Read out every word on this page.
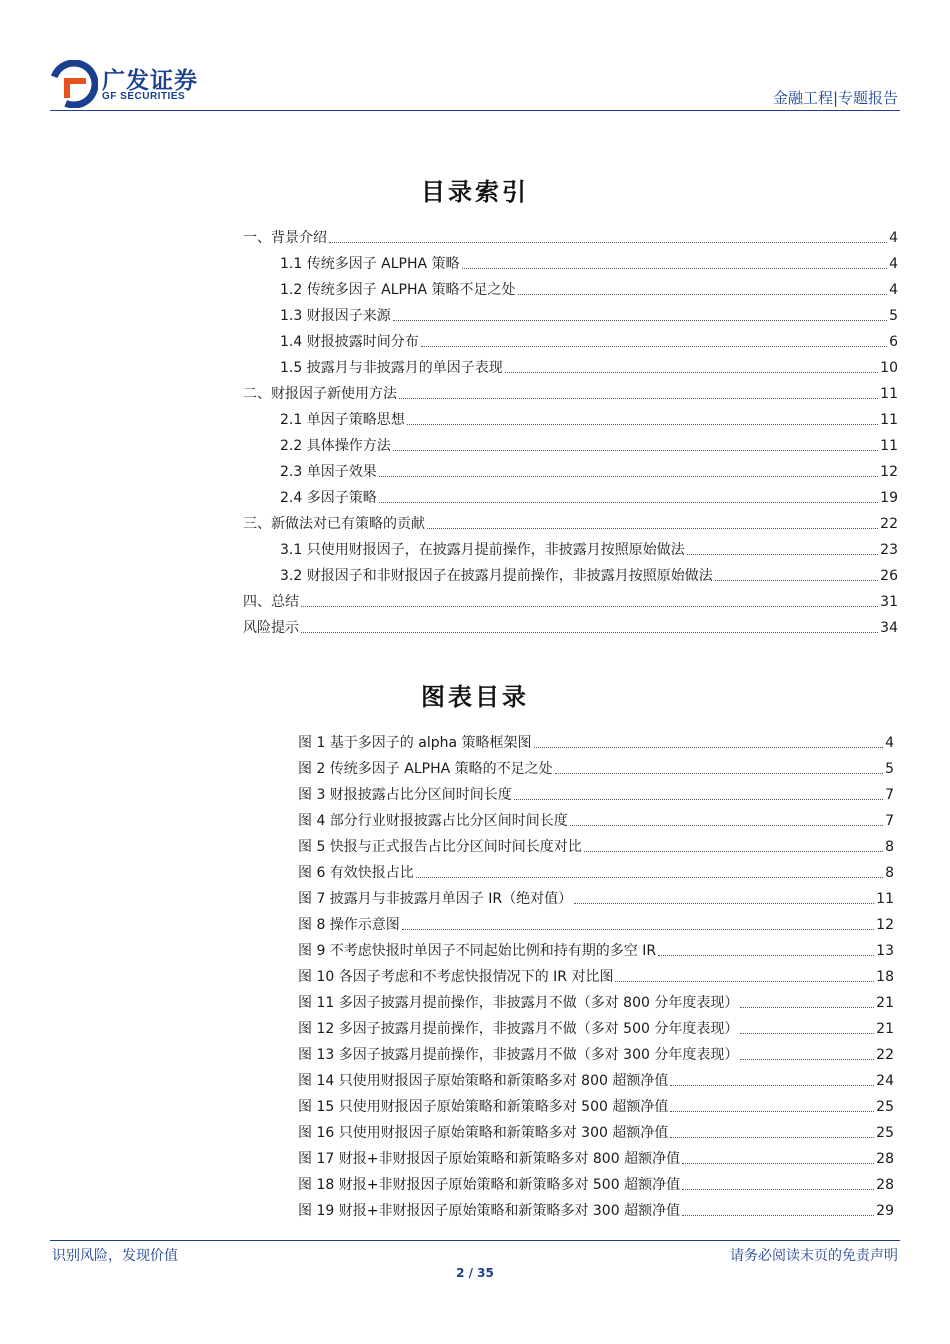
广发证券
GF SECURITIES	金融工程|专题报告
目录索引
一、背景介绍	4
1.1 传统多因子 ALPHA 策略	4
1.2 传统多因子 ALPHA 策略不足之处	4
1.3 财报因子来源	5
1.4 财报披露时间分布	6
1.5 披露月与非披露月的单因子表现	10
二、财报因子新使用方法	11
2.1 单因子策略思想	11
2.2 具体操作方法	11
2.3 单因子效果	12
2.4 多因子策略	19
三、新做法对已有策略的贡献	22
3.1 只使用财报因子，在披露月提前操作，非披露月按照原始做法	23
3.2 财报因子和非财报因子在披露月提前操作，非披露月按照原始做法	26
四、总结	31
风险提示	34
图表目录
图 1 基于多因子的 alpha 策略框架图	4
图 2 传统多因子 ALPHA 策略的不足之处	5
图 3 财报披露占比分区间时间长度	7
图 4 部分行业财报披露占比分区间时间长度	7
图 5 快报与正式报告占比分区间时间长度对比	8
图 6 有效快报占比	8
图 7 披露月与非披露月单因子 IR（绝对值）	11
图 8 操作示意图	12
图 9 不考虑快报时单因子不同起始比例和持有期的多空 IR	13
图 10 各因子考虑和不考虑快报情况下的 IR 对比图	18
图 11 多因子披露月提前操作，非披露月不做（多对 800 分年度表现）	21
图 12 多因子披露月提前操作，非披露月不做（多对 500 分年度表现）	21
图 13 多因子披露月提前操作，非披露月不做（多对 300 分年度表现）	22
图 14 只使用财报因子原始策略和新策略多对 800 超额净值	24
图 15 只使用财报因子原始策略和新策略多对 500 超额净值	25
图 16 只使用财报因子原始策略和新策略多对 300 超额净值	25
图 17 财报+非财报因子原始策略和新策略多对 800 超额净值	28
图 18 财报+非财报因子原始策略和新策略多对 500 超额净值	28
图 19 财报+非财报因子原始策略和新策略多对 300 超额净值	29
识别风险，发现价值	请务必阅读末页的免责声明
2 / 35
